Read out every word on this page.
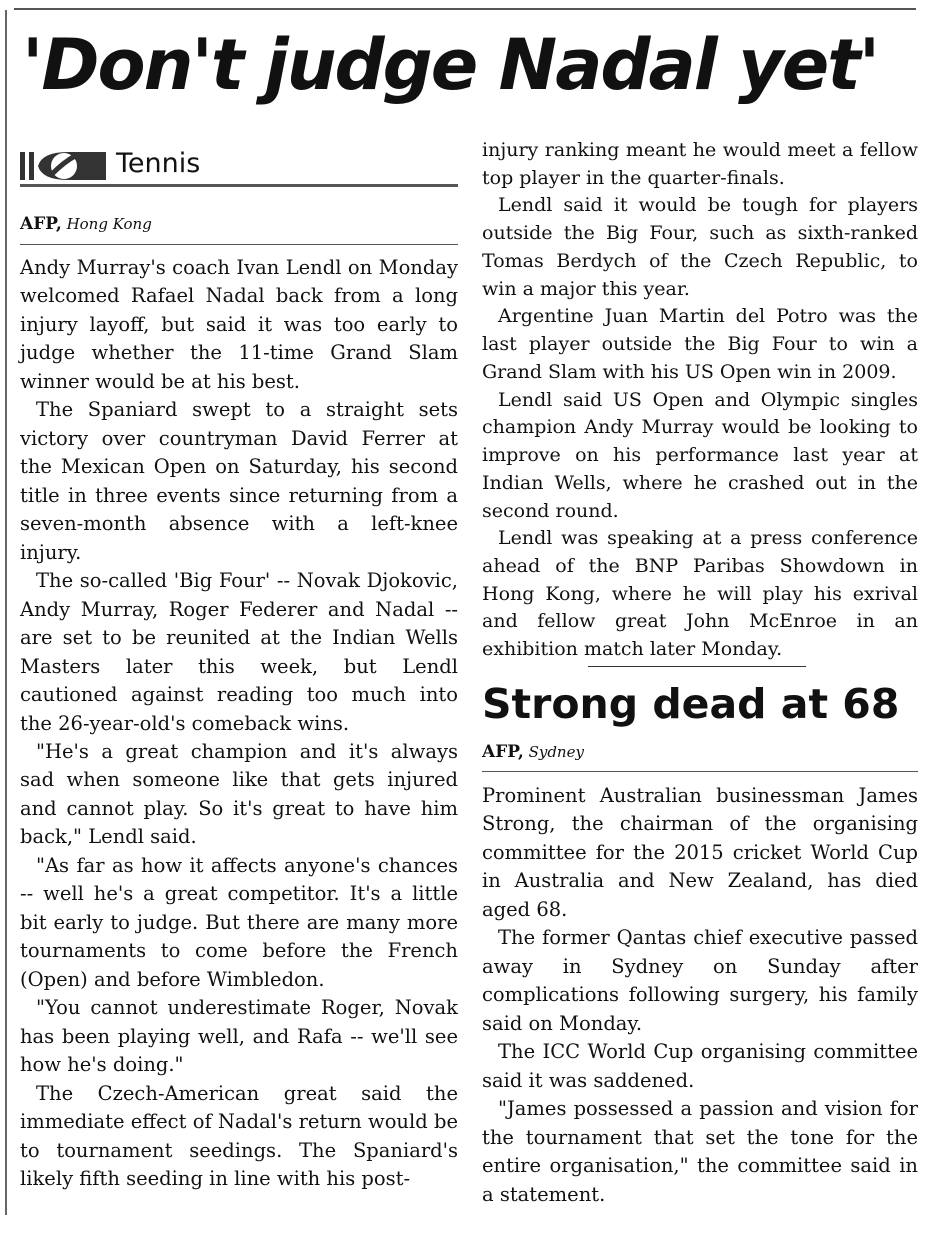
'Don't judge Nadal yet'
Tennis
AFP, Hong Kong

Andy Murray's coach Ivan Lendl on Monday welcomed Rafael Nadal back from a long injury layoff, but said it was too early to judge whether the 11-time Grand Slam winner would be at his best.

The Spaniard swept to a straight sets victory over countryman David Ferrer at the Mexican Open on Saturday, his second title in three events since returning from a seven-month absence with a left-knee injury.

The so-called 'Big Four' -- Novak Djokovic, Andy Murray, Roger Federer and Nadal -- are set to be reunited at the Indian Wells Masters later this week, but Lendl cautioned against reading too much into the 26-year-old's comeback wins.

"He's a great champion and it's always sad when someone like that gets injured and cannot play. So it's great to have him back," Lendl said.

"As far as how it affects anyone's chances -- well he's a great competitor. It's a little bit early to judge. But there are many more tournaments to come before the French (Open) and before Wimbledon.

"You cannot underestimate Roger, Novak has been playing well, and Rafa -- we'll see how he's doing."

The Czech-American great said the immediate effect of Nadal's return would be to tournament seedings. The Spaniard's likely fifth seeding in line with his post-

injury ranking meant he would meet a fellow top player in the quarter-finals.

Lendl said it would be tough for players outside the Big Four, such as sixth-ranked Tomas Berdych of the Czech Republic, to win a major this year.

Argentine Juan Martin del Potro was the last player outside the Big Four to win a Grand Slam with his US Open win in 2009.

Lendl said US Open and Olympic singles champion Andy Murray would be looking to improve on his performance last year at Indian Wells, where he crashed out in the second round.

Lendl was speaking at a press conference ahead of the BNP Paribas Showdown in Hong Kong, where he will play his exrival and fellow great John McEnroe in an exhibition match later Monday.

Strong dead at 68
AFP, Sydney

Prominent Australian businessman James Strong, the chairman of the organising committee for the 2015 cricket World Cup in Australia and New Zealand, has died aged 68.

The former Qantas chief executive passed away in Sydney on Sunday after complications following surgery, his family said on Monday.

The ICC World Cup organising committee said it was saddened.

"James possessed a passion and vision for the tournament that set the tone for the entire organisation," the committee said in a statement.
